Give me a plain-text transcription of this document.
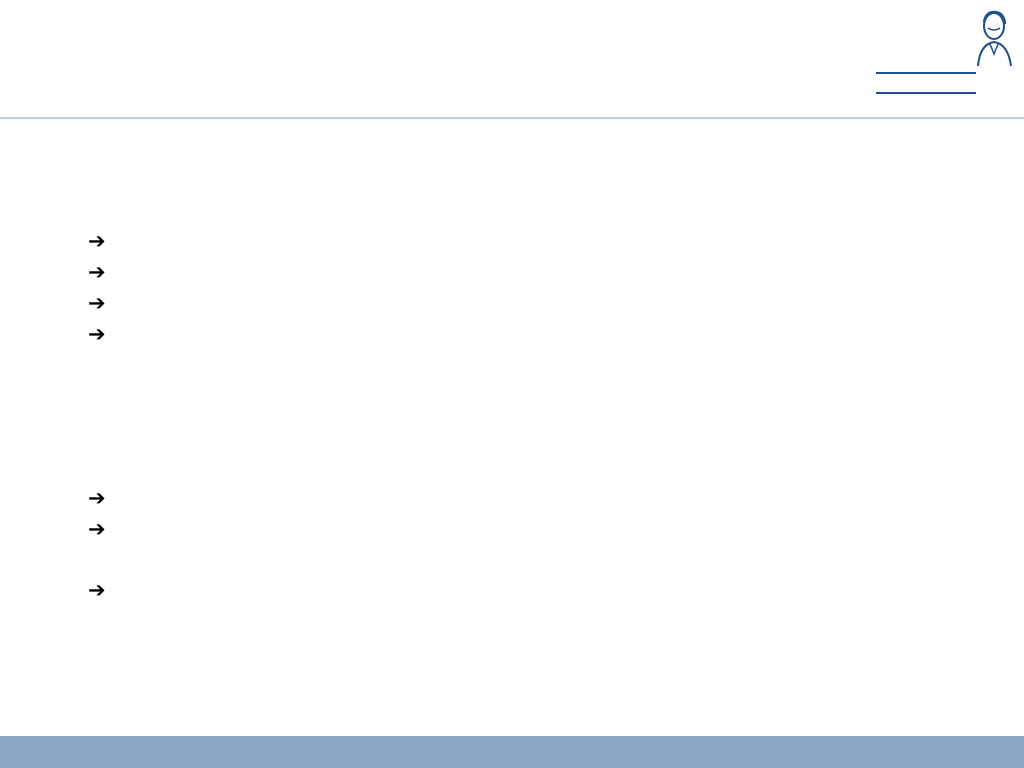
➔
➔
➔
➔
➔
➔
➔
